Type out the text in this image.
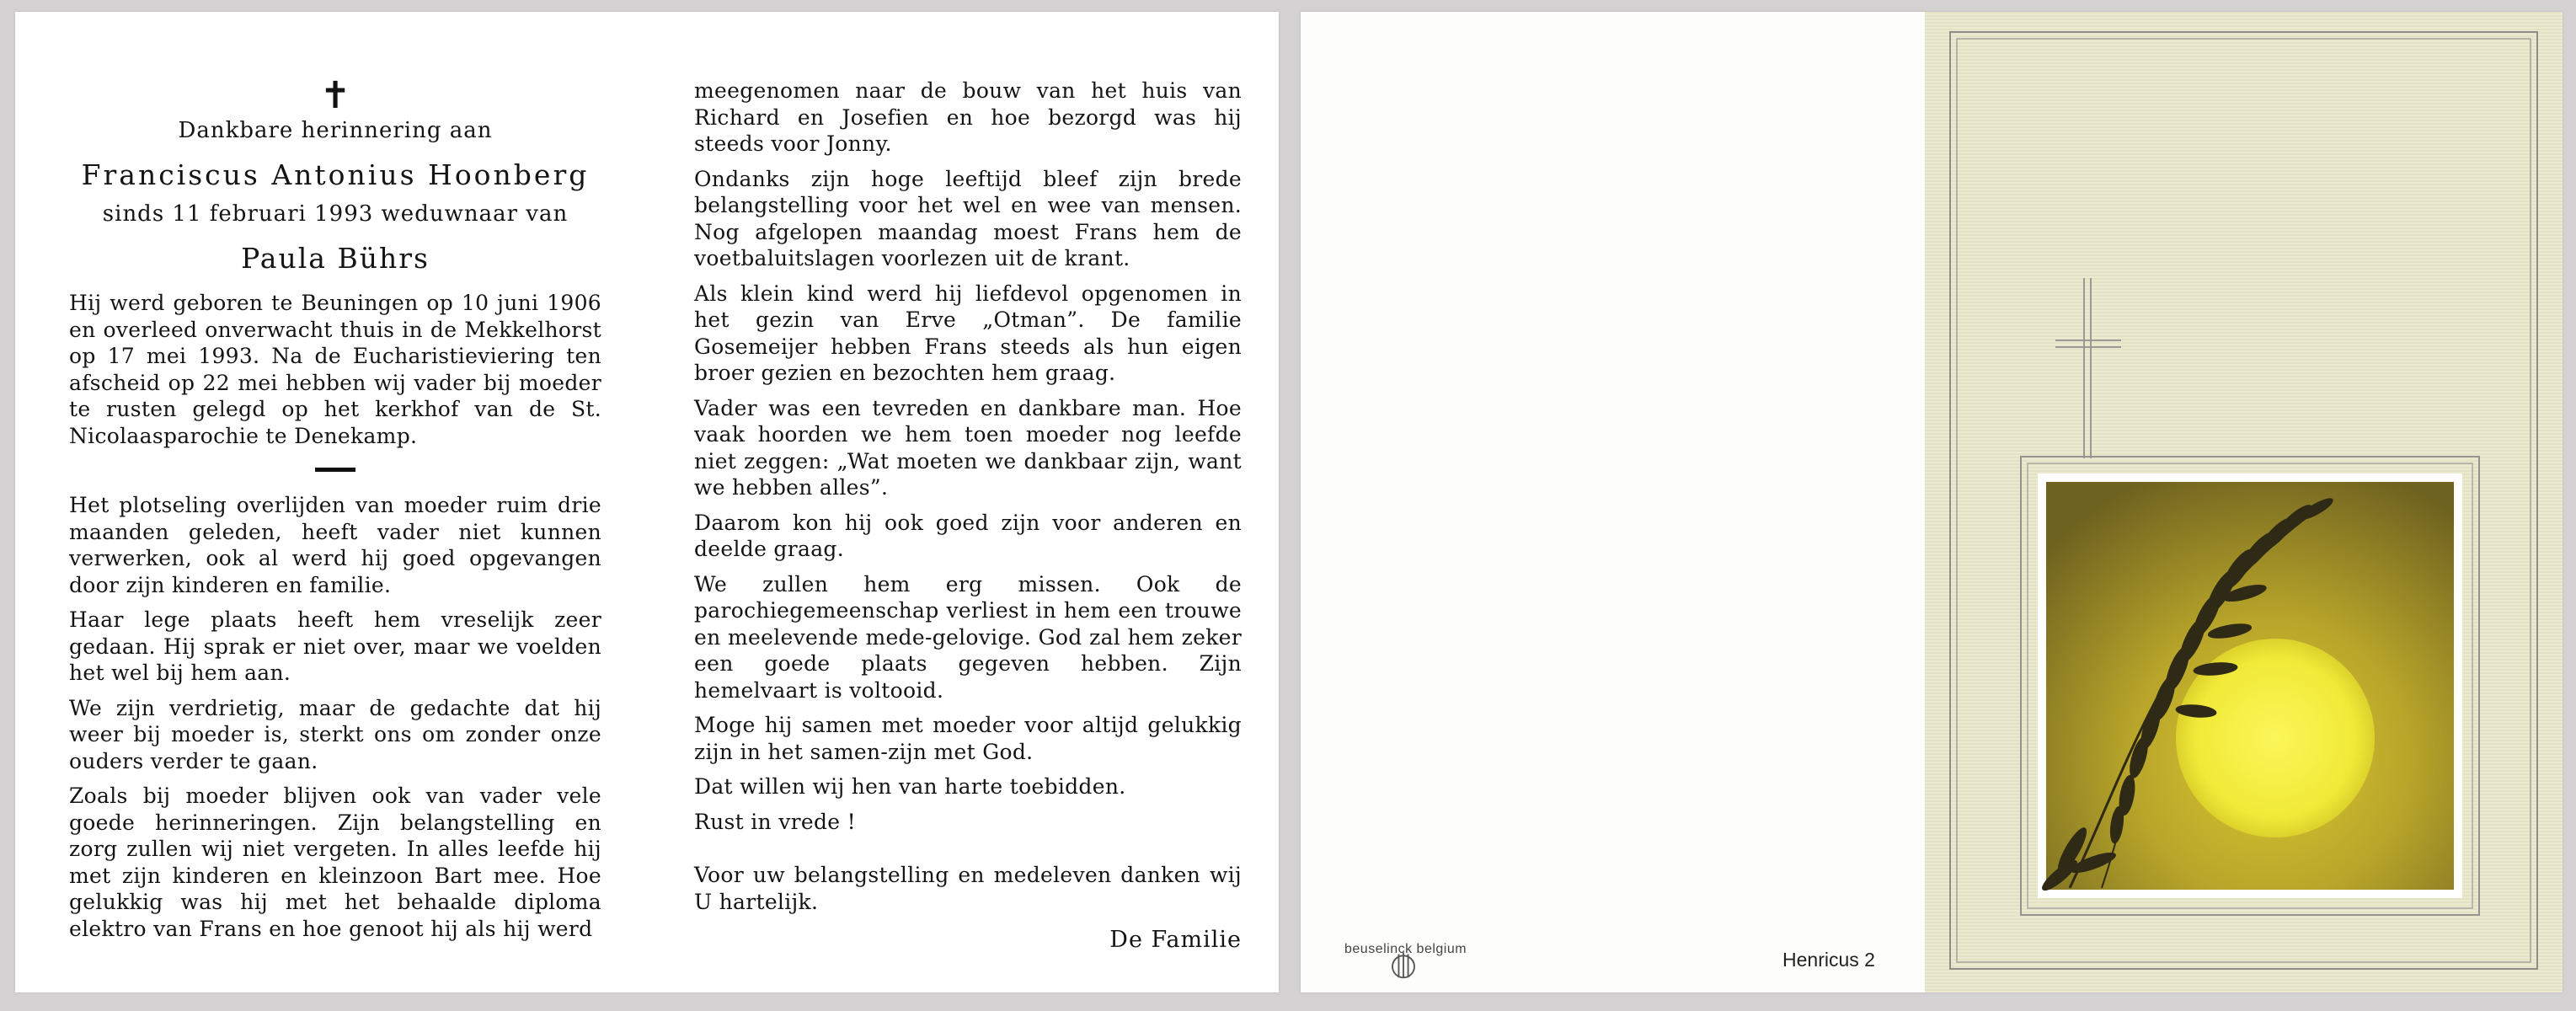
✝
Dankbare herinnering aan
Franciscus Antonius Hoonberg
sinds 11 februari 1993 weduwnaar van
Paula Bührs

Hij werd geboren te Beuningen op 10 juni 1906 en overleed onverwacht thuis in de Mekkelhorst op 17 mei 1993. Na de Eucharistieviering ten afscheid op 22 mei hebben wij vader bij moeder te rusten gelegd op het kerkhof van de St. Nicolaasparochie te Denekamp.

Het plotseling overlijden van moeder ruim drie maanden geleden, heeft vader niet kunnen verwerken, ook al werd hij goed opgevangen door zijn kinderen en familie.

Haar lege plaats heeft hem vreselijk zeer gedaan. Hij sprak er niet over, maar we voelden het wel bij hem aan.

We zijn verdrietig, maar de gedachte dat hij weer bij moeder is, sterkt ons om zonder onze ouders verder te gaan.

Zoals bij moeder blijven ook van vader vele goede herinneringen. Zijn belangstelling en zorg zullen wij niet vergeten. In alles leefde hij met zijn kinderen en kleinzoon Bart mee. Hoe gelukkig was hij met het behaalde diploma elektro van Frans en hoe genoot hij als hij werd

meegenomen naar de bouw van het huis van Richard en Josefien en hoe bezorgd was hij steeds voor Jonny.

Ondanks zijn hoge leeftijd bleef zijn brede belangstelling voor het wel en wee van mensen. Nog afgelopen maandag moest Frans hem de voetbaluitslagen voorlezen uit de krant.

Als klein kind werd hij liefdevol opgenomen in het gezin van Erve „Otman”. De familie Gosemeijer hebben Frans steeds als hun eigen broer gezien en bezochten hem graag.

Vader was een tevreden en dankbare man. Hoe vaak hoorden we hem toen moeder nog leefde niet zeggen: „Wat moeten we dankbaar zijn, want we hebben alles”.

Daarom kon hij ook goed zijn voor anderen en deelde graag.

We zullen hem erg missen. Ook de parochiegemeenschap verliest in hem een trouwe en meelevende mede-gelovige. God zal hem zeker een goede plaats gegeven hebben. Zijn hemelvaart is voltooid.

Moge hij samen met moeder voor altijd gelukkig zijn in het samen-zijn met God.

Dat willen wij hen van harte toebidden.

Rust in vrede !

Voor uw belangstelling en medeleven danken wij U hartelijk.

De Familie	beuselinck belgium	Henricus 2
